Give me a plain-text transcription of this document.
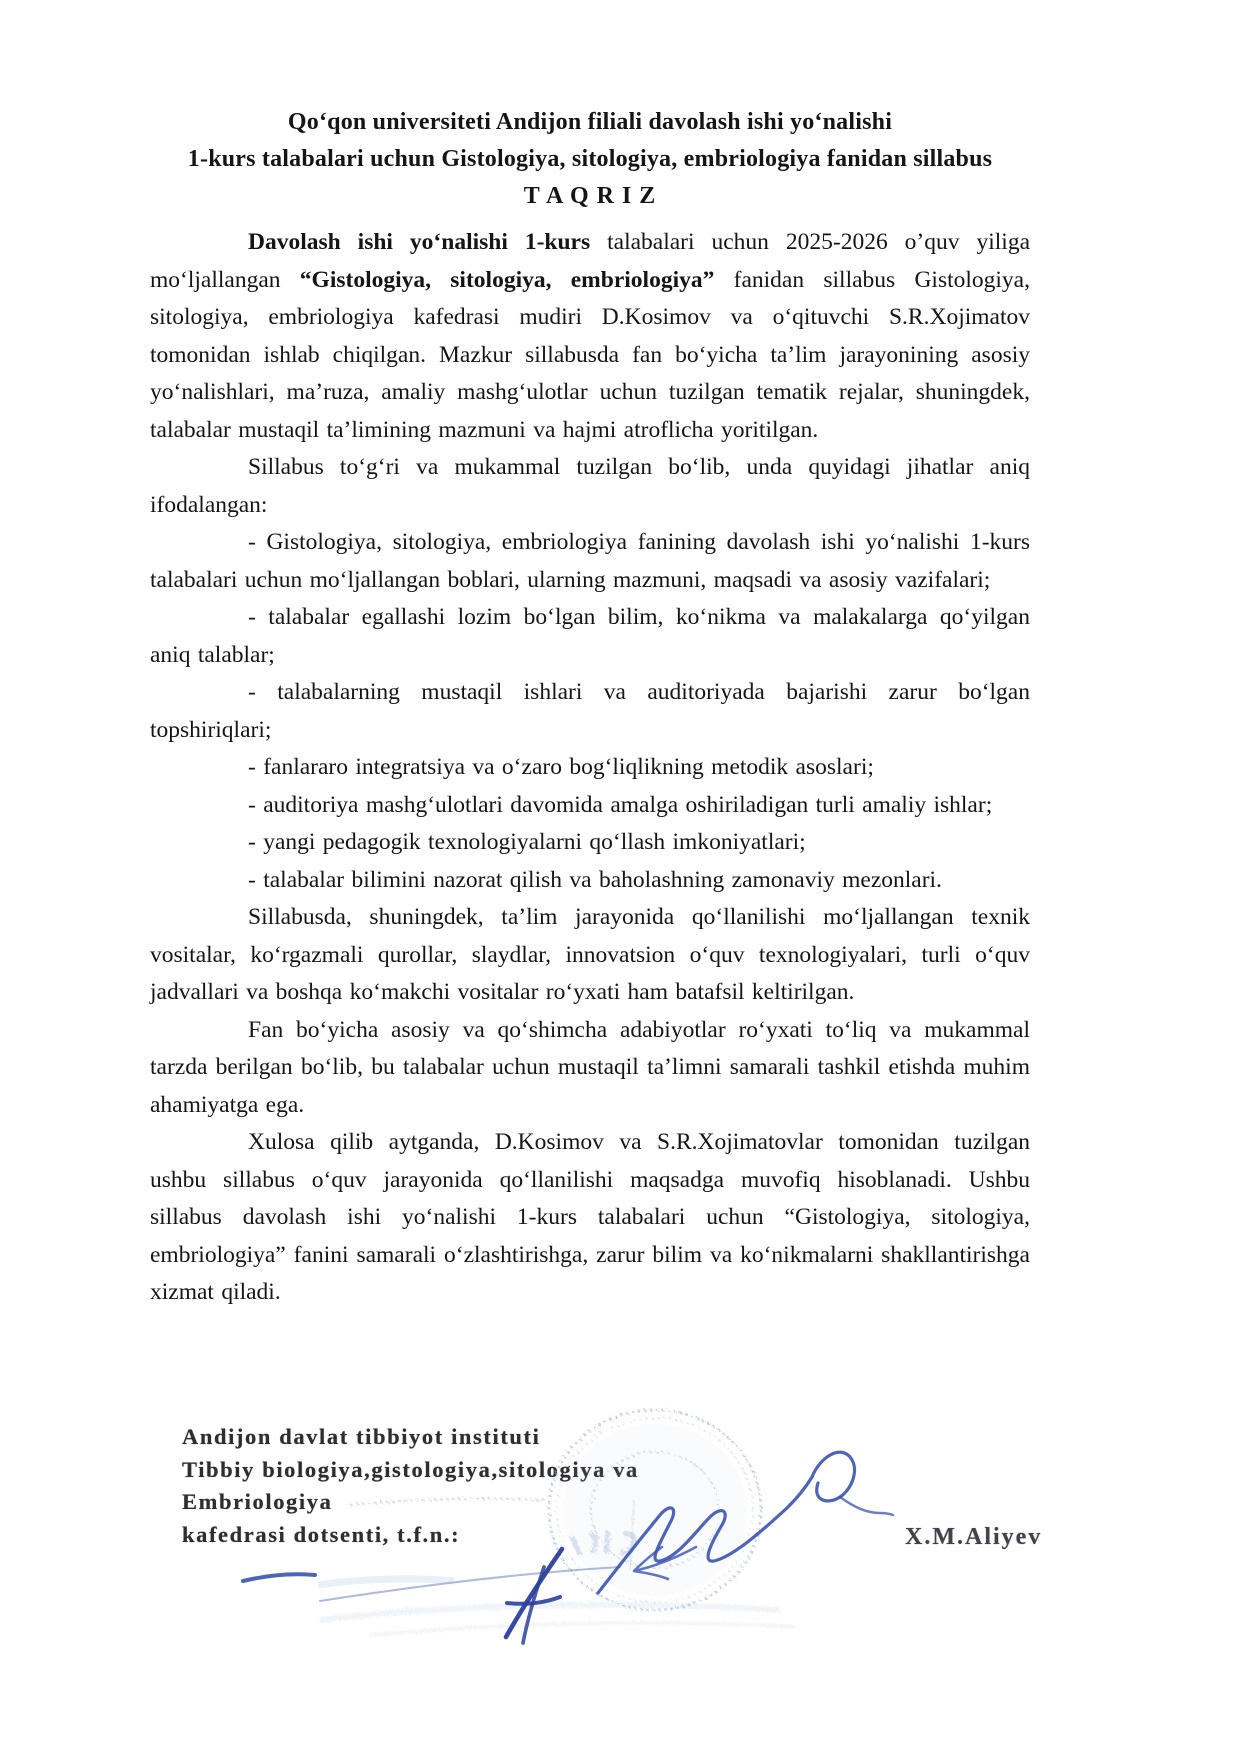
Qo‘qon universiteti Andijon filiali davolash ishi yo‘nalishi
1-kurs talabalari uchun Gistologiya, sitologiya, embriologiya fanidan sillabus
T A Q R I Z

Davolash ishi yo‘nalishi 1-kurs talabalari uchun 2025-2026 o’quv yiliga mo‘ljallangan “Gistologiya, sitologiya, embriologiya” fanidan sillabus Gistologiya, sitologiya, embriologiya kafedrasi mudiri D.Kosimov va o‘qituvchi S.R.Xojimatov tomonidan ishlab chiqilgan. Mazkur sillabusda fan bo‘yicha ta’lim jarayonining asosiy yo‘nalishlari, ma’ruza, amaliy mashg‘ulotlar uchun tuzilgan tematik rejalar, shuningdek, talabalar mustaqil ta’limining mazmuni va hajmi atroflicha yoritilgan.

Sillabus to‘g‘ri va mukammal tuzilgan bo‘lib, unda quyidagi jihatlar aniq ifodalangan:

- Gistologiya, sitologiya, embriologiya fanining davolash ishi yo‘nalishi 1-kurs talabalari uchun mo‘ljallangan boblari, ularning mazmuni, maqsadi va asosiy vazifalari;

- talabalar egallashi lozim bo‘lgan bilim, ko‘nikma va malakalarga qo‘yilgan aniq talablar;

- talabalarning mustaqil ishlari va auditoriyada bajarishi zarur bo‘lgan topshiriqlari;

- fanlararo integratsiya va o‘zaro bog‘liqlikning metodik asoslari;

- auditoriya mashg‘ulotlari davomida amalga oshiriladigan turli amaliy ishlar;

- yangi pedagogik texnologiyalarni qo‘llash imkoniyatlari;

- talabalar bilimini nazorat qilish va baholashning zamonaviy mezonlari.

Sillabusda, shuningdek, ta’lim jarayonida qo‘llanilishi mo‘ljallangan texnik vositalar, ko‘rgazmali qurollar, slaydlar, innovatsion o‘quv texnologiyalari, turli o‘quv jadvallari va boshqa ko‘makchi vositalar ro‘yxati ham batafsil keltirilgan.

Fan bo‘yicha asosiy va qo‘shimcha adabiyotlar ro‘yxati to‘liq va mukammal tarzda berilgan bo‘lib, bu talabalar uchun mustaqil ta’limni samarali tashkil etishda muhim ahamiyatga ega.

Xulosa qilib aytganda, D.Kosimov va S.R.Xojimatovlar tomonidan tuzilgan ushbu sillabus o‘quv jarayonida qo‘llanilishi maqsadga muvofiq hisoblanadi. Ushbu sillabus davolash ishi yo‘nalishi 1-kurs talabalari uchun “Gistologiya, sitologiya, embriologiya” fanini samarali o‘zlashtirishga, zarur bilim va ko‘nikmalarni shakllantirishga xizmat qiladi.

Andijon davlat tibbiyot instituti
Tibbiy biologiya,gistologiya,sitologiya va
Embriologiya
kafedrasi dotsenti, t.f.n.:	X.M.Aliyev
